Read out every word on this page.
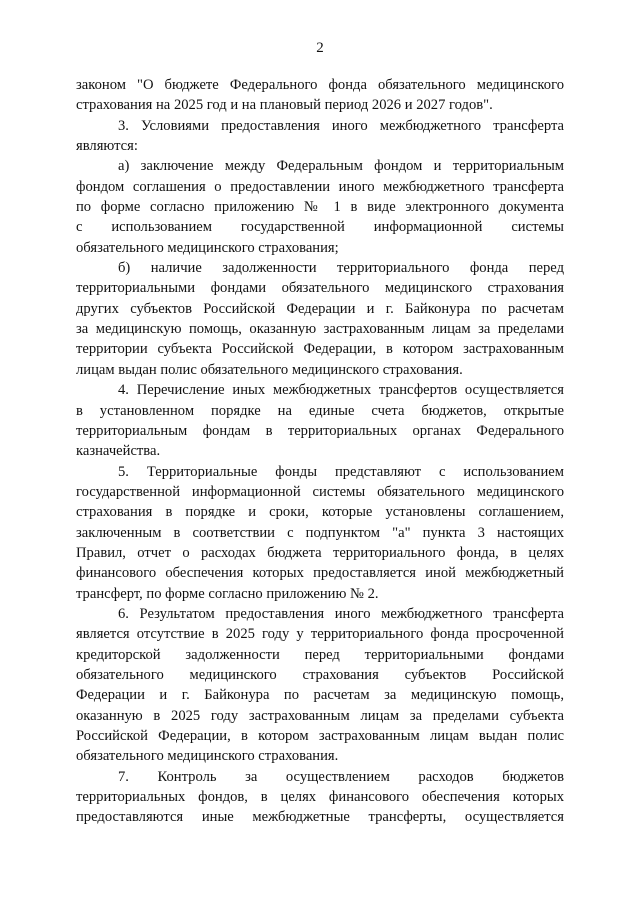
2
законом "О бюджете Федерального фонда обязательного медицинского
страхования на 2025 год и на плановый период 2026 и 2027 годов".
3. Условиями предоставления иного межбюджетного трансферта
являются:
а) заключение между Федеральным фондом и территориальным
фондом соглашения о предоставлении иного межбюджетного трансферта
по форме согласно приложению № 1 в виде электронного документа
с использованием государственной информационной системы
обязательного медицинского страхования;
б) наличие задолженности территориального фонда перед
территориальными фондами обязательного медицинского страхования
других субъектов Российской Федерации и г. Байконура по расчетам
за медицинскую помощь, оказанную застрахованным лицам за пределами
территории субъекта Российской Федерации, в котором застрахованным
лицам выдан полис обязательного медицинского страхования.
4. Перечисление иных межбюджетных трансфертов осуществляется
в установленном порядке на единые счета бюджетов, открытые
территориальным фондам в территориальных органах Федерального
казначейства.
5. Территориальные фонды представляют с использованием
государственной информационной системы обязательного медицинского
страхования в порядке и сроки, которые установлены соглашением,
заключенным в соответствии с подпунктом "а" пункта 3 настоящих
Правил, отчет о расходах бюджета территориального фонда, в целях
финансового обеспечения которых предоставляется иной межбюджетный
трансферт, по форме согласно приложению № 2.
6. Результатом предоставления иного межбюджетного трансферта
является отсутствие в 2025 году у территориального фонда просроченной
кредиторской задолженности перед территориальными фондами
обязательного медицинского страхования субъектов Российской
Федерации и г. Байконура по расчетам за медицинскую помощь,
оказанную в 2025 году застрахованным лицам за пределами субъекта
Российской Федерации, в котором застрахованным лицам выдан полис
обязательного медицинского страхования.
7. Контроль за осуществлением расходов бюджетов
территориальных фондов, в целях финансового обеспечения которых
предоставляются иные межбюджетные трансферты, осуществляется
